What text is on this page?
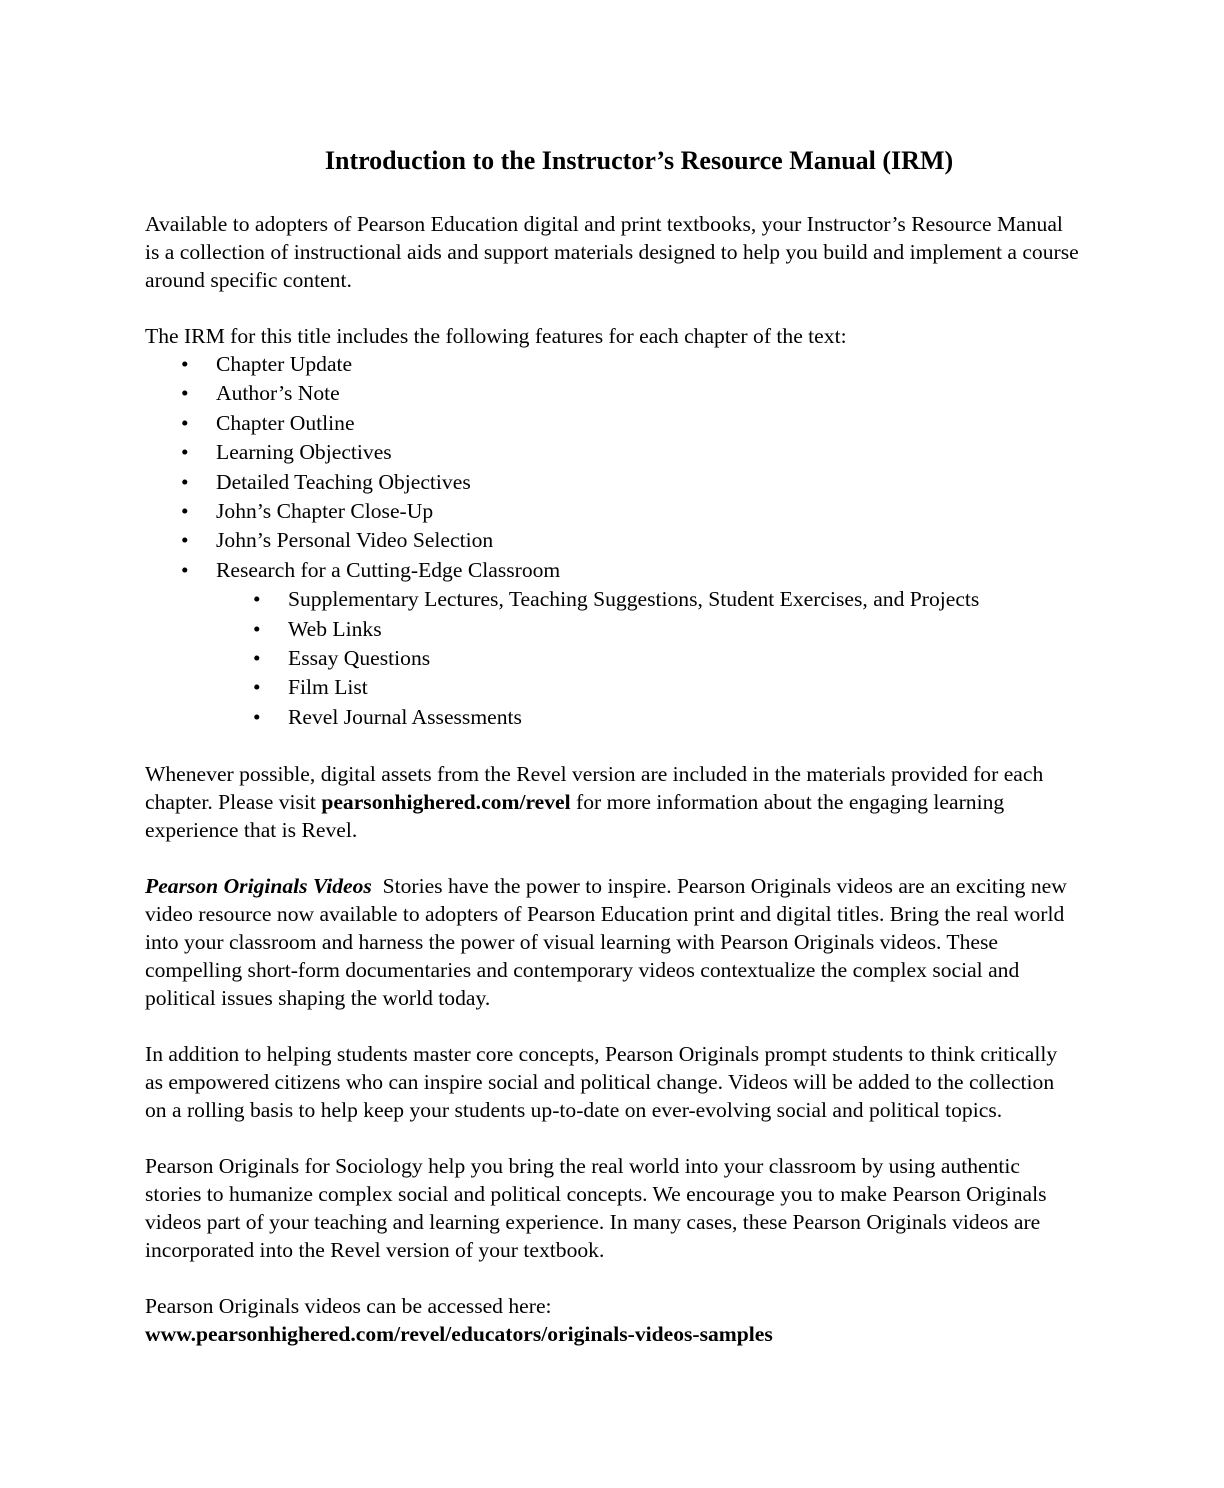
Introduction to the Instructor’s Resource Manual (IRM)

Available to adopters of Pearson Education digital and print textbooks, your Instructor’s Resource Manual is a collection of instructional aids and support materials designed to help you build and implement a course around specific content.

The IRM for this title includes the following features for each chapter of the text:

• Chapter Update
• Author’s Note
• Chapter Outline
• Learning Objectives
• Detailed Teaching Objectives
• John’s Chapter Close-Up
• John’s Personal Video Selection
• Research for a Cutting-Edge Classroom
• Supplementary Lectures, Teaching Suggestions, Student Exercises, and Projects
• Web Links
• Essay Questions
• Film List
• Revel Journal Assessments

Whenever possible, digital assets from the Revel version are included in the materials provided for each chapter. Please visit pearsonhighered.com/revel for more information about the engaging learning experience that is Revel.

Pearson Originals Videos  Stories have the power to inspire. Pearson Originals videos are an exciting new video resource now available to adopters of Pearson Education print and digital titles. Bring the real world into your classroom and harness the power of visual learning with Pearson Originals videos. These compelling short-form documentaries and contemporary videos contextualize the complex social and political issues shaping the world today.

In addition to helping students master core concepts, Pearson Originals prompt students to think critically as empowered citizens who can inspire social and political change. Videos will be added to the collection on a rolling basis to help keep your students up-to-date on ever-evolving social and political topics.

Pearson Originals for Sociology help you bring the real world into your classroom by using authentic stories to humanize complex social and political concepts. We encourage you to make Pearson Originals videos part of your teaching and learning experience. In many cases, these Pearson Originals videos are incorporated into the Revel version of your textbook.

Pearson Originals videos can be accessed here:

www.pearsonhighered.com/revel/educators/originals-videos-samples
